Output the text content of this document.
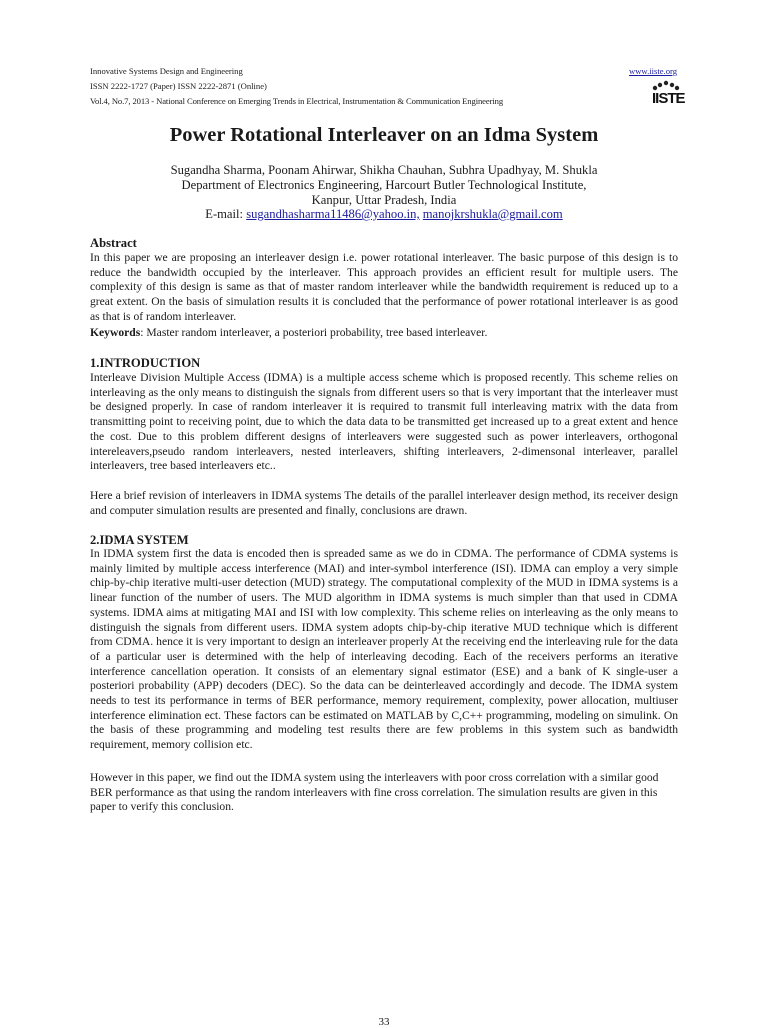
Innovative Systems Design and Engineering
ISSN 2222-1727 (Paper) ISSN 2222-2871 (Online)
Vol.4, No.7, 2013 - National Conference on Emerging Trends in Electrical, Instrumentation & Communication Engineering
www.iiste.org
IISTE
Power Rotational Interleaver on an Idma System
Sugandha Sharma, Poonam Ahirwar, Shikha Chauhan, Subhra Upadhyay, M. Shukla
Department of Electronics Engineering, Harcourt Butler Technological Institute,
Kanpur, Uttar Pradesh, India
E-mail: sugandhasharma11486@yahoo.in, manojkrshukla@gmail.com
Abstract
In this paper we are proposing an interleaver design i.e. power rotational interleaver. The basic purpose of this design is to reduce the bandwidth occupied by the interleaver. This approach provides an efficient result for multiple users. The complexity of this design is same as that of master random interleaver while the bandwidth requirement is reduced up to a great extent. On the basis of simulation results it is concluded that the performance of power rotational interleaver is as good as that is of random interleaver.
Keywords: Master random interleaver, a posteriori probability, tree based interleaver.
1.INTRODUCTION
Interleave Division Multiple Access (IDMA) is a multiple access scheme which is proposed recently. This scheme relies on interleaving as the only means to distinguish the signals from different users so that is very important that the interleaver must be designed properly. In case of random interleaver it is required to transmit full interleaving matrix with the data from transmitting point to receiving point, due to which the data data to be transmitted get increased up to a great extent and hence the cost. Due to this problem different designs of interleavers were suggested such as power interleavers, orthogonal intereleavers,pseudo random interleavers, nested interleavers, shifting interleavers, 2-dimensonal interleaver, parallel interleavers, tree based interleavers etc..
Here a brief revision of interleavers in IDMA systems The details of the parallel interleaver design method, its receiver design and computer simulation results are presented and finally, conclusions are drawn.
2.IDMA SYSTEM
In IDMA system first the data is encoded then is spreaded same as we do in CDMA. The performance of CDMA systems is mainly limited by multiple access interference (MAI) and inter-symbol interference (ISI). IDMA can employ a very simple chip-by-chip iterative multi-user detection (MUD) strategy. The computational complexity of the MUD in IDMA systems is a linear function of the number of users. The MUD algorithm in IDMA systems is much simpler than that used in CDMA systems. IDMA aims at mitigating MAI and ISI with low complexity. This scheme relies on interleaving as the only means to distinguish the signals from different users. IDMA system adopts chip-by-chip iterative MUD technique which is different from CDMA. hence it is very important to design an interleaver properly At the receiving end the interleaving rule for the data of a particular user is determined with the help of interleaving decoding. Each of the receivers performs an iterative interference cancellation operation. It consists of an elementary signal estimator (ESE) and a bank of K single-user a posteriori probability (APP) decoders (DEC). So the data can be deinterleaved accordingly and decode. The IDMA system needs to test its performance in terms of BER performance, memory requirement, complexity, power allocation, multiuser interference elimination ect. These factors can be estimated on MATLAB by C,C++ programming, modeling on simulink. On the basis of these programming and modeling test results there are few problems in this system such as bandwidth requirement, memory collision etc.
However in this paper, we find out the IDMA system using the interleavers with poor cross correlation with a similar good BER performance as that using the random interleavers with fine cross correlation. The simulation results are given in this paper to verify this conclusion.
33
